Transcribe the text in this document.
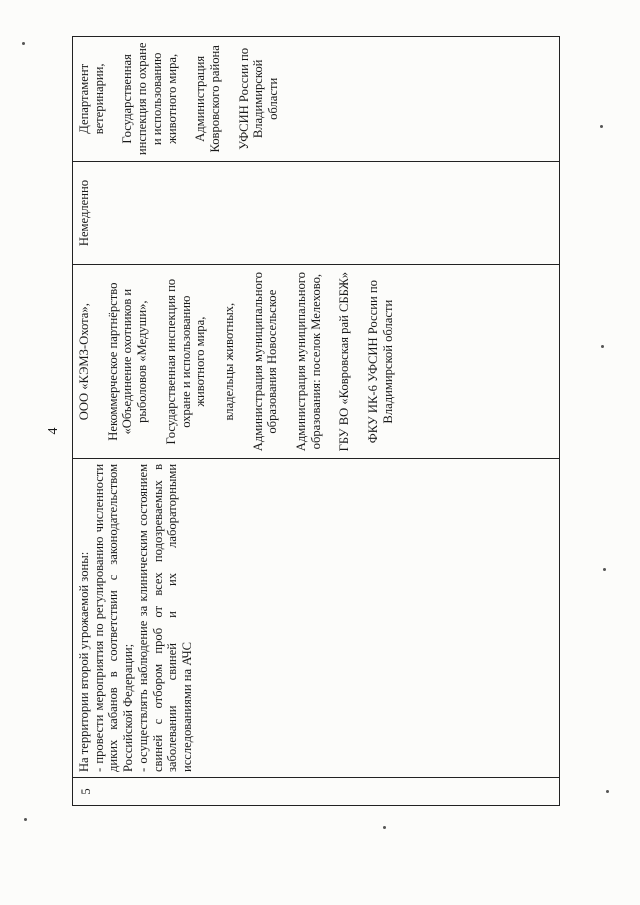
4
5

На территории второй угрожаемой зоны: - провести мероприятия по регулированию численности диких кабанов в соответствии с законодательством Российской Федерации; - осуществлять наблюдение за клиническим состоянием свиней с отбором проб от всех подозреваемых в заболевании свиней и их лабораторными исследованиями на АЧС

ООО «КЭМЗ-Охота», Некоммерческое партнёрство «Объединение охотников и рыболовов «Медуши», Государственная инспекция по охране и использованию животного мира, владельцы животных, Администрация муниципального образования Новосельское Администрация муниципального образования: поселок Мелехово, ГБУ ВО «Ковровская рай СББЖ» ФКУ ИК-6 УФСИН России по Владимирской области

Немедленно

Департамент ветеринарии, Государственная инспекция по охране и использованию животного мира, Администрация Ковровского района УФСИН России по Владимирской области
